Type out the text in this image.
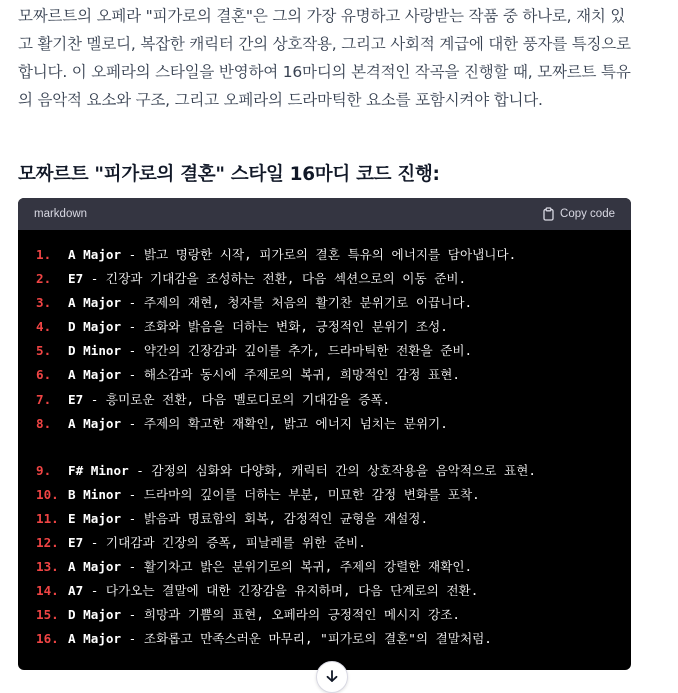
모짜르트의 오페라 "피가로의 결혼"은 그의 가장 유명하고 사랑받는 작품 중 하나로, 재치 있고 활기찬 멜로디, 복잡한 캐릭터 간의 상호작용, 그리고 사회적 계급에 대한 풍자를 특징으로 합니다. 이 오페라의 스타일을 반영하여 16마디의 본격적인 작곡을 진행할 때, 모짜르트 특유의 음악적 요소와 구조, 그리고 오페라의 드라마틱한 요소를 포함시켜야 합니다.

모짜르트 "피가로의 결혼" 스타일 16마디 코드 진행:
markdown	Copy code
1.	A Major - 밝고 명랑한 시작, 피가로의 결혼 특유의 에너지를 담아냅니다.
2.	E7 - 긴장과 기대감을 조성하는 전환, 다음 섹션으로의 이동 준비.
3.	A Major - 주제의 재현, 청자를 처음의 활기찬 분위기로 이끕니다.
4.	D Major - 조화와 밝음을 더하는 변화, 긍정적인 분위기 조성.
5.	D Minor - 약간의 긴장감과 깊이를 추가, 드라마틱한 전환을 준비.
6.	A Major - 해소감과 동시에 주제로의 복귀, 희망적인 감정 표현.
7.	E7 - 흥미로운 전환, 다음 멜로디로의 기대감을 증폭.
8.	A Major - 주제의 확고한 재확인, 밝고 에너지 넘치는 분위기.
9.	F# Minor - 감정의 심화와 다양화, 캐릭터 간의 상호작용을 음악적으로 표현.
10. B Minor - 드라마의 깊이를 더하는 부분, 미묘한 감정 변화를 포착.
11. E Major - 밝음과 명료함의 회복, 감정적인 균형을 재설정.
12. E7 - 기대감과 긴장의 증폭, 피날레를 위한 준비.
13. A Major - 활기차고 밝은 분위기로의 복귀, 주제의 강렬한 재확인.
14. A7 - 다가오는 결말에 대한 긴장감을 유지하며, 다음 단계로의 전환.
15. D Major - 희망과 기쁨의 표현, 오페라의 긍정적인 메시지 강조.
16. A Major - 조화롭고 만족스러운 마무리, "피가로의 결혼"의 결말처럼.
